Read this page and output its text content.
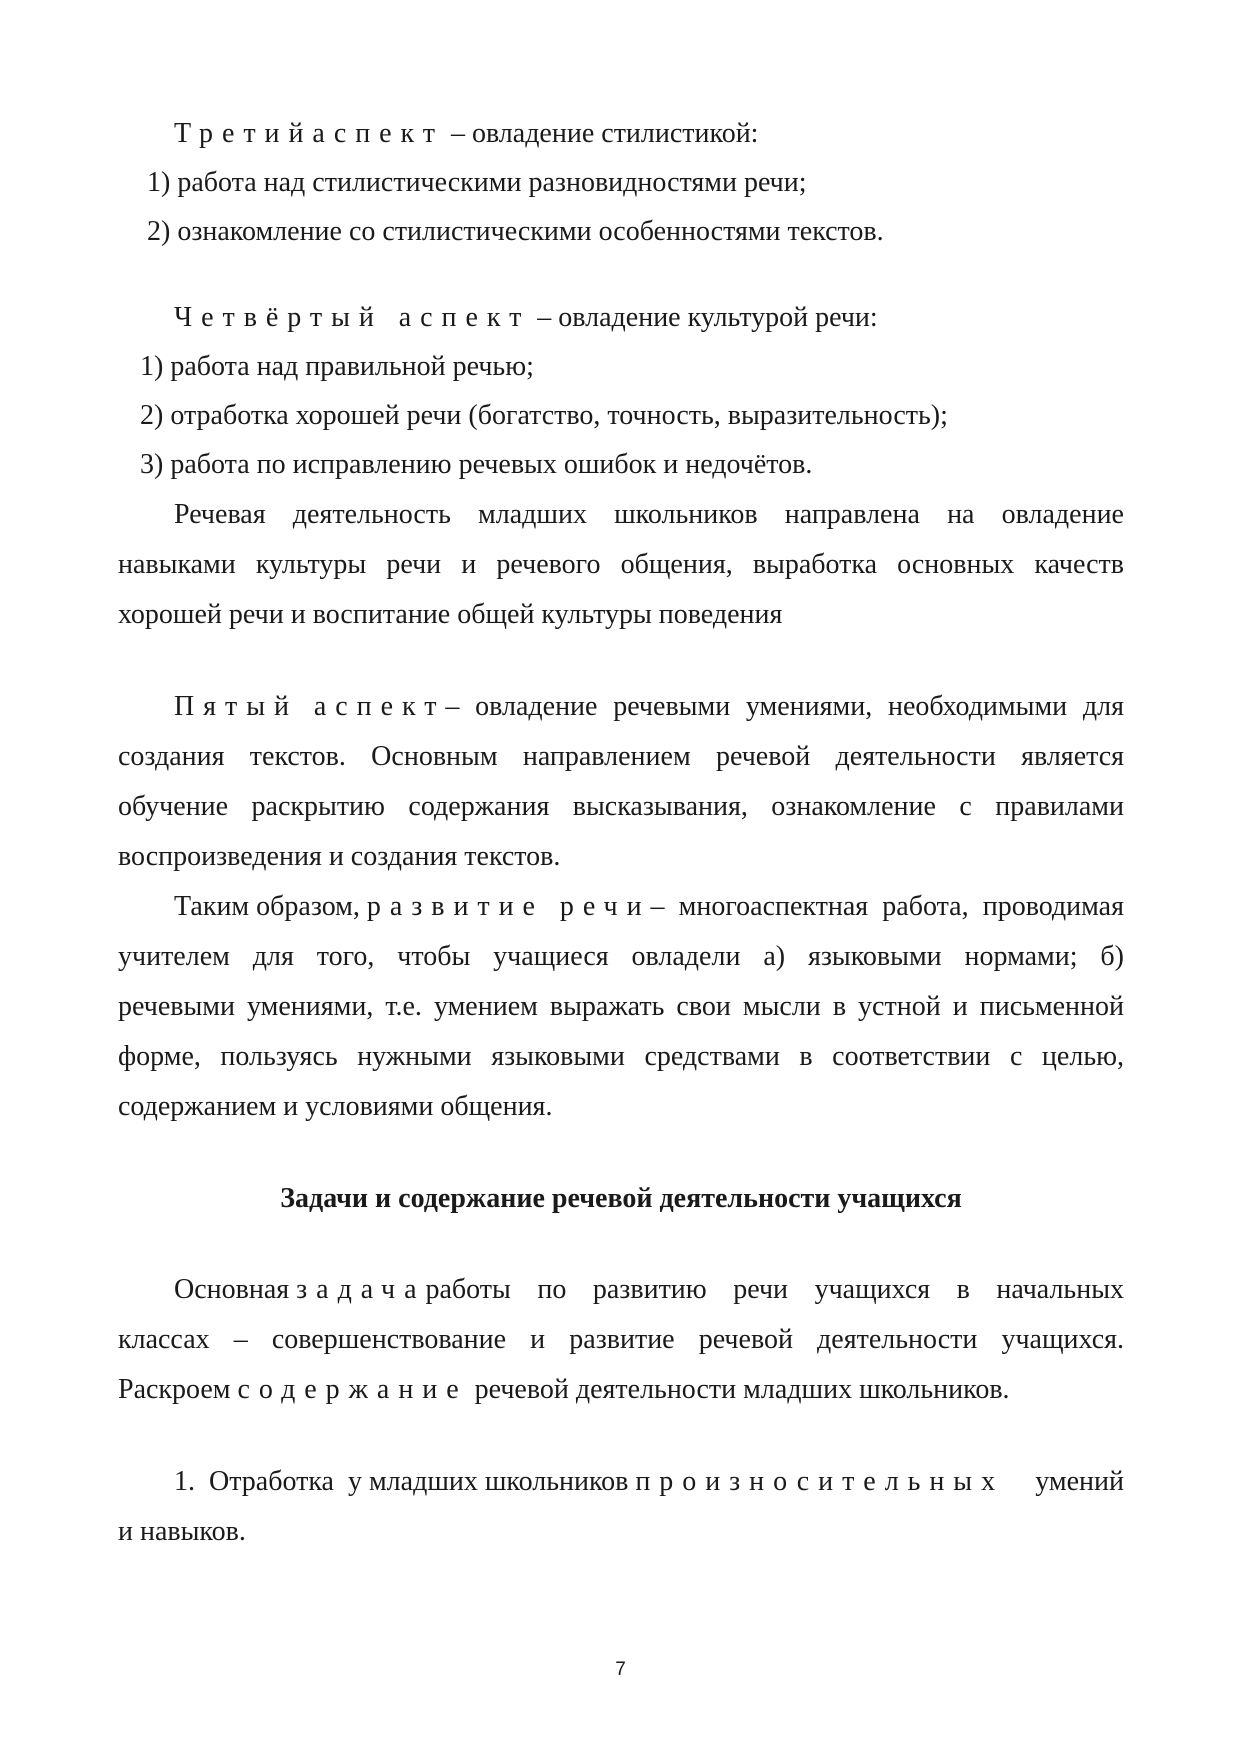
Третийаспект – овладение стилистикой:
1) работа над стилистическими разновидностями речи;
2) ознакомление со стилистическими особенностями текстов.
Четвёртый аспект – овладение культурой речи:
1) работа над правильной речью;
2) отработка хорошей речи (богатство, точность, выразительность);
3) работа по исправлению речевых ошибок и недочётов.
Речевая деятельность младших школьников направлена на овладение
навыками культуры речи и речевого общения, выработка основных качеств
хорошей речи и воспитание общей культуры поведения
Пятый аспект – овладение речевыми умениями, необходимыми для
создания текстов. Основным направлением речевой деятельности является
обучение раскрытию содержания высказывания, ознакомление с правилами
воспроизведения и создания текстов.
Таким образом, развитие речи – многоаспектная работа, проводимая
учителем для того, чтобы учащиеся овладели а) языковыми нормами; б)
речевыми умениями, т.е. умением выражать свои мысли в устной и письменной
форме, пользуясь нужными языковыми средствами в соответствии с целью,
содержанием и условиями общения.
Задачи и содержание речевой деятельности учащихся
Основная задача работы по развитию речи учащихся в начальных
классах – совершенствование и развитие речевой деятельности учащихся.
Раскроем содержание речевой деятельности младших школьников.
1.  Отработка  у младших школьников произносительных	умений
и навыков.
7
